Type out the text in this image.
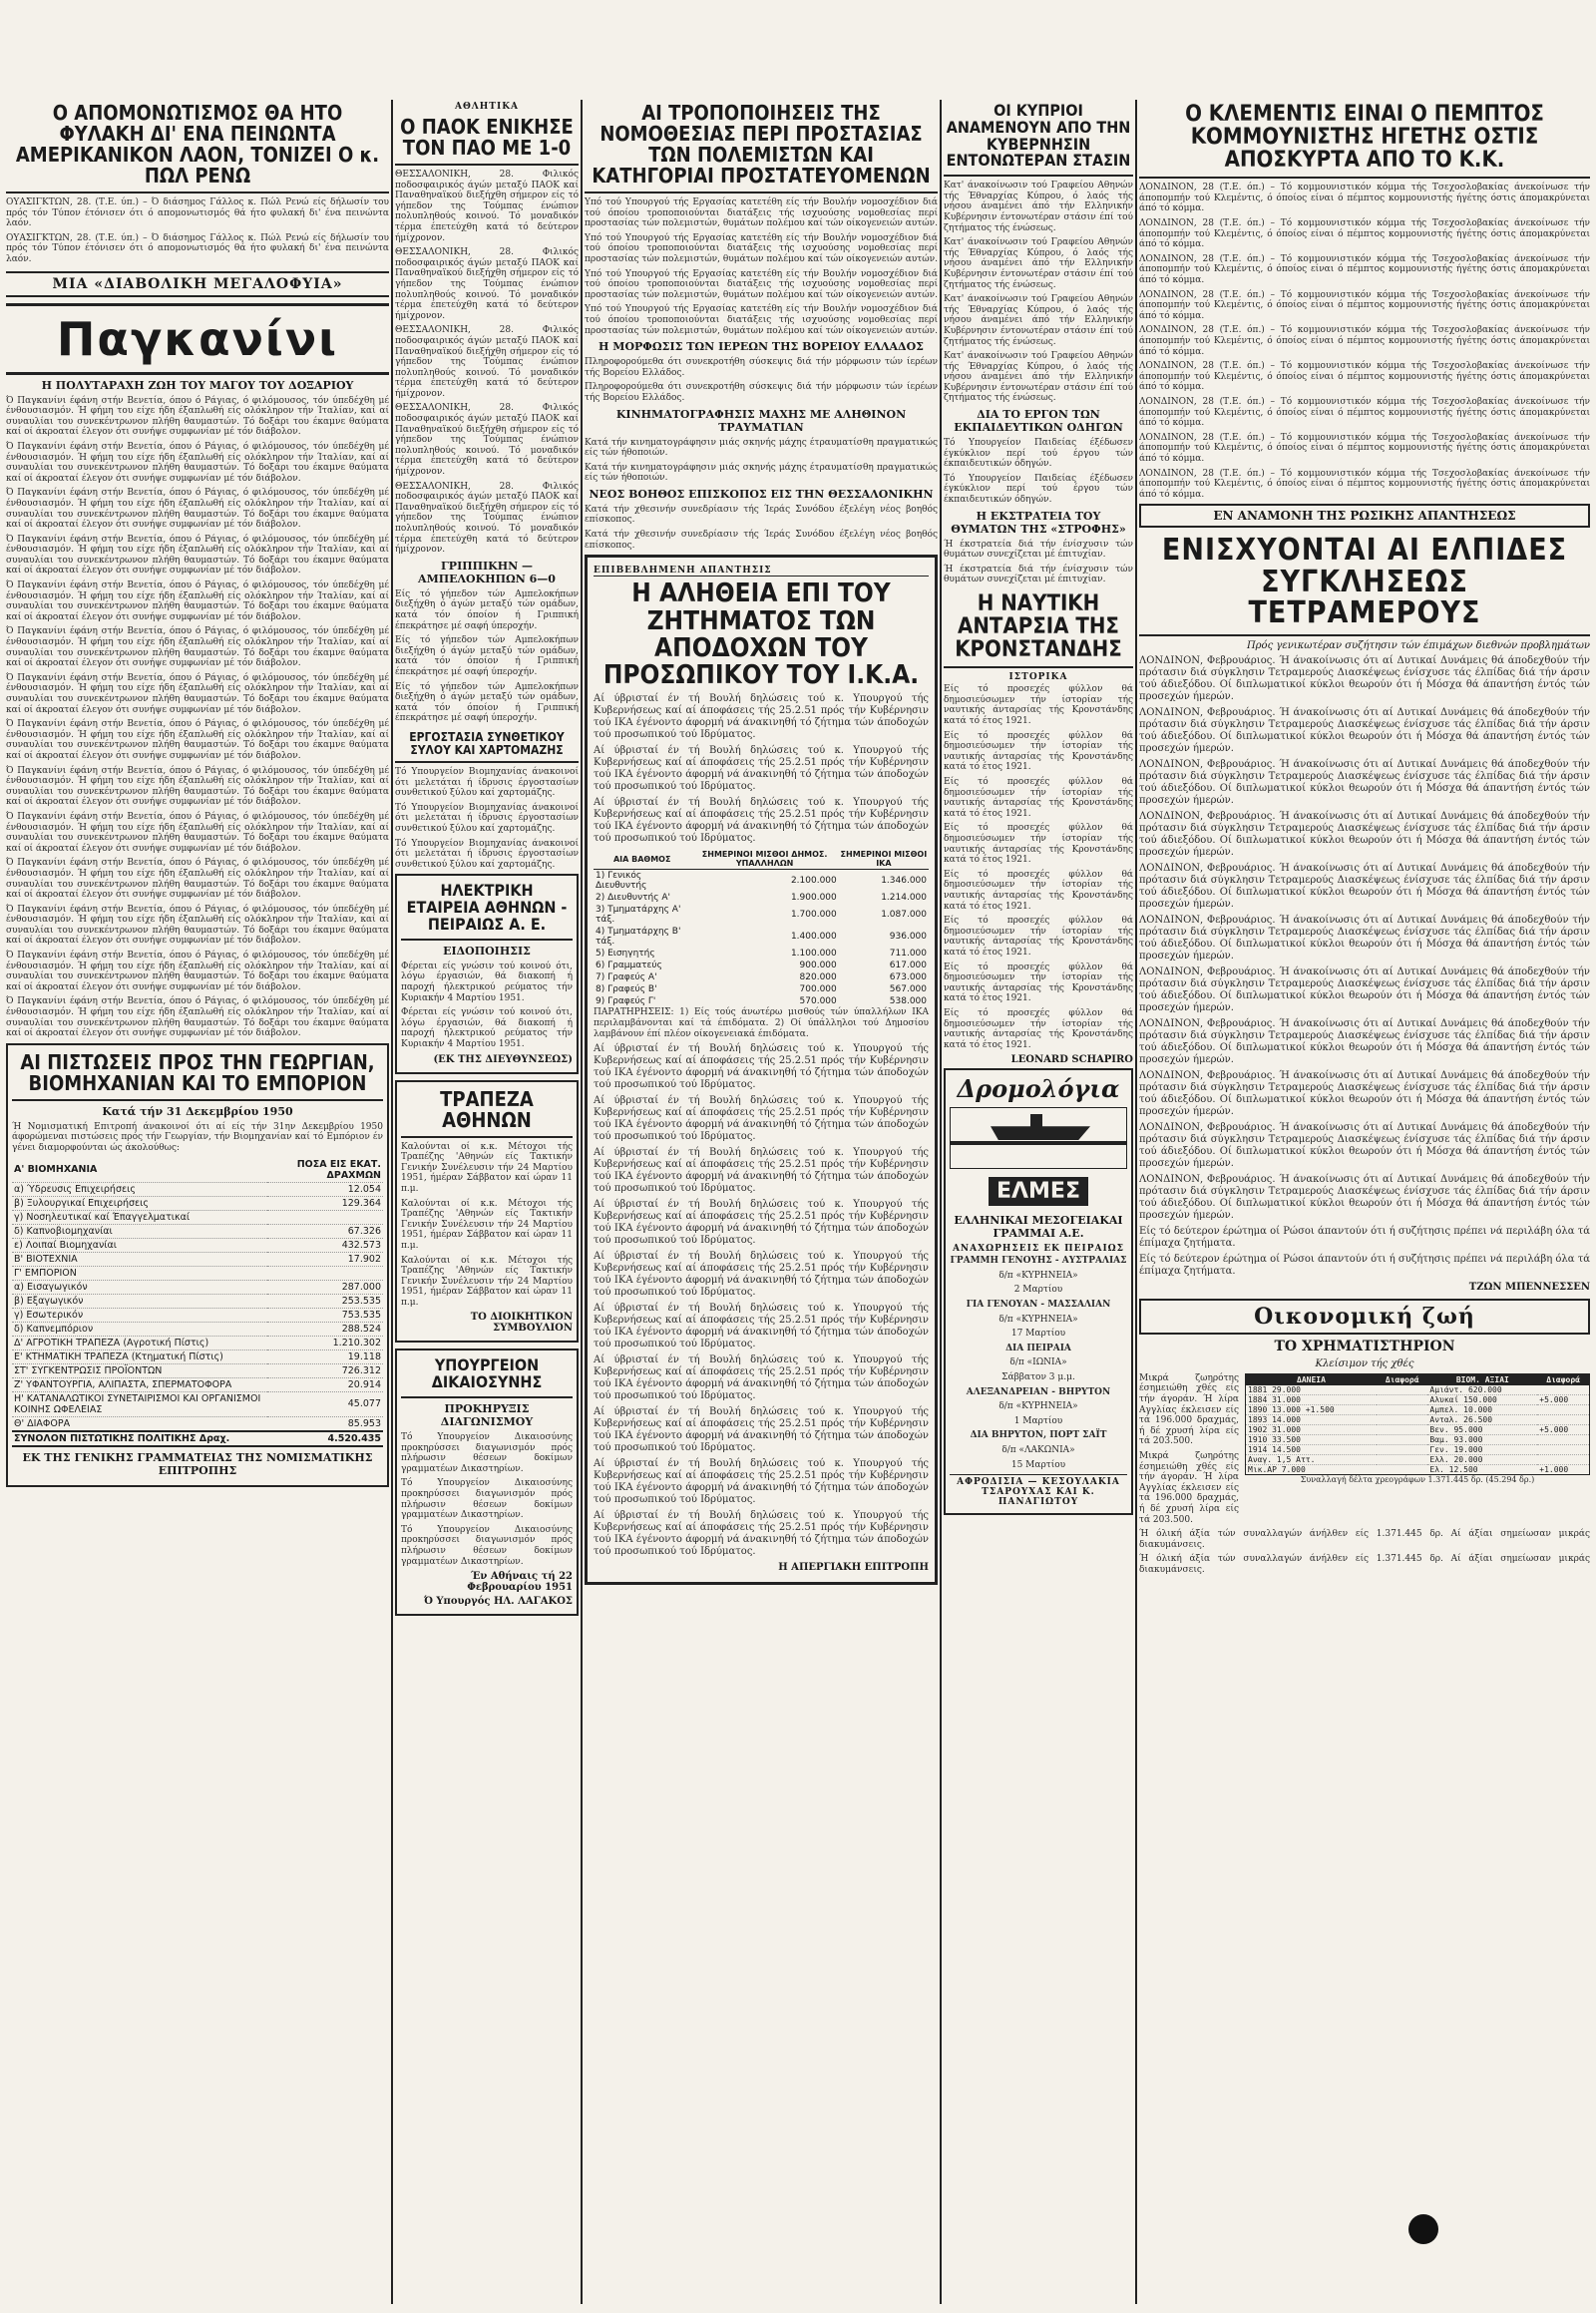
Ο ΑΠΟΜΟΝΩΤΙΣΜΟΣ ΘΑ ΗΤΟ ΦΥΛΑΚΗ ΔΙ' ΕΝΑ ΠΕΙΝΩΝΤΑ ΑΜΕΡΙΚΑΝΙΚΟΝ ΛΑΟΝ, ΤΟΝΙΖΕΙ Ο κ. ΠΩΛ ΡΕΝΩ

ΟΥΑΣΙΓΚΤΩΝ, 28. (Τ.Ε. ύπ.) – Ό διάσημος Γάλλος κ. Πώλ Ρενώ είς δήλωσίν του πρός τόν Τύπον έτόνισεν ότι ό απομονωτισμός θά ήτο φυλακή δι' ένα πεινώντα λαόν.

ΟΥΑΣΙΓΚΤΩΝ, 28. (Τ.Ε. ύπ.) – Ό διάσημος Γάλλος κ. Πώλ Ρενώ είς δήλωσίν του πρός τόν Τύπον έτόνισεν ότι ό απομονωτισμός θά ήτο φυλακή δι' ένα πεινώντα λαόν.

ΜΙΑ «ΔΙΑΒΟΛΙΚΗ ΜΕΓΑΛΟΦΥΙΑ»
Παγκανίνι
Η ΠΟΛΥΤΑΡΑΧΗ ΖΩΗ ΤΟΥ ΜΑΓΟΥ ΤΟΥ ΔΟΞΑΡΙΟΥ

Ό Παγκανίνι έφάνη στήν Βενετία, όπου ό Ράγιας, ό φιλόμουσος, τόν ύπεδέχθη μέ ένθουσιασμόν. Ή φήμη του είχε ήδη έξαπλωθή είς ολόκληρον τήν Ίταλίαν, καί αί συναυλίαι του συνεκέντρωνον πλήθη θαυμαστών. Τό δοξάρι του έκαμνε θαύματα καί οί άκροαταί έλεγον ότι συνήψε συμφωνίαν μέ τόν διάβολον.

Ό Παγκανίνι έφάνη στήν Βενετία, όπου ό Ράγιας, ό φιλόμουσος, τόν ύπεδέχθη μέ ένθουσιασμόν. Ή φήμη του είχε ήδη έξαπλωθή είς ολόκληρον τήν Ίταλίαν, καί αί συναυλίαι του συνεκέντρωνον πλήθη θαυμαστών. Τό δοξάρι του έκαμνε θαύματα καί οί άκροαταί έλεγον ότι συνήψε συμφωνίαν μέ τόν διάβολον.

Ό Παγκανίνι έφάνη στήν Βενετία, όπου ό Ράγιας, ό φιλόμουσος, τόν ύπεδέχθη μέ ένθουσιασμόν. Ή φήμη του είχε ήδη έξαπλωθή είς ολόκληρον τήν Ίταλίαν, καί αί συναυλίαι του συνεκέντρωνον πλήθη θαυμαστών. Τό δοξάρι του έκαμνε θαύματα καί οί άκροαταί έλεγον ότι συνήψε συμφωνίαν μέ τόν διάβολον.

Ό Παγκανίνι έφάνη στήν Βενετία, όπου ό Ράγιας, ό φιλόμουσος, τόν ύπεδέχθη μέ ένθουσιασμόν. Ή φήμη του είχε ήδη έξαπλωθή είς ολόκληρον τήν Ίταλίαν, καί αί συναυλίαι του συνεκέντρωνον πλήθη θαυμαστών. Τό δοξάρι του έκαμνε θαύματα καί οί άκροαταί έλεγον ότι συνήψε συμφωνίαν μέ τόν διάβολον.

Ό Παγκανίνι έφάνη στήν Βενετία, όπου ό Ράγιας, ό φιλόμουσος, τόν ύπεδέχθη μέ ένθουσιασμόν. Ή φήμη του είχε ήδη έξαπλωθή είς ολόκληρον τήν Ίταλίαν, καί αί συναυλίαι του συνεκέντρωνον πλήθη θαυμαστών. Τό δοξάρι του έκαμνε θαύματα καί οί άκροαταί έλεγον ότι συνήψε συμφωνίαν μέ τόν διάβολον.

Ό Παγκανίνι έφάνη στήν Βενετία, όπου ό Ράγιας, ό φιλόμουσος, τόν ύπεδέχθη μέ ένθουσιασμόν. Ή φήμη του είχε ήδη έξαπλωθή είς ολόκληρον τήν Ίταλίαν, καί αί συναυλίαι του συνεκέντρωνον πλήθη θαυμαστών. Τό δοξάρι του έκαμνε θαύματα καί οί άκροαταί έλεγον ότι συνήψε συμφωνίαν μέ τόν διάβολον.

Ό Παγκανίνι έφάνη στήν Βενετία, όπου ό Ράγιας, ό φιλόμουσος, τόν ύπεδέχθη μέ ένθουσιασμόν. Ή φήμη του είχε ήδη έξαπλωθή είς ολόκληρον τήν Ίταλίαν, καί αί συναυλίαι του συνεκέντρωνον πλήθη θαυμαστών. Τό δοξάρι του έκαμνε θαύματα καί οί άκροαταί έλεγον ότι συνήψε συμφωνίαν μέ τόν διάβολον.

Ό Παγκανίνι έφάνη στήν Βενετία, όπου ό Ράγιας, ό φιλόμουσος, τόν ύπεδέχθη μέ ένθουσιασμόν. Ή φήμη του είχε ήδη έξαπλωθή είς ολόκληρον τήν Ίταλίαν, καί αί συναυλίαι του συνεκέντρωνον πλήθη θαυμαστών. Τό δοξάρι του έκαμνε θαύματα καί οί άκροαταί έλεγον ότι συνήψε συμφωνίαν μέ τόν διάβολον.

Ό Παγκανίνι έφάνη στήν Βενετία, όπου ό Ράγιας, ό φιλόμουσος, τόν ύπεδέχθη μέ ένθουσιασμόν. Ή φήμη του είχε ήδη έξαπλωθή είς ολόκληρον τήν Ίταλίαν, καί αί συναυλίαι του συνεκέντρωνον πλήθη θαυμαστών. Τό δοξάρι του έκαμνε θαύματα καί οί άκροαταί έλεγον ότι συνήψε συμφωνίαν μέ τόν διάβολον.

Ό Παγκανίνι έφάνη στήν Βενετία, όπου ό Ράγιας, ό φιλόμουσος, τόν ύπεδέχθη μέ ένθουσιασμόν. Ή φήμη του είχε ήδη έξαπλωθή είς ολόκληρον τήν Ίταλίαν, καί αί συναυλίαι του συνεκέντρωνον πλήθη θαυμαστών. Τό δοξάρι του έκαμνε θαύματα καί οί άκροαταί έλεγον ότι συνήψε συμφωνίαν μέ τόν διάβολον.

Ό Παγκανίνι έφάνη στήν Βενετία, όπου ό Ράγιας, ό φιλόμουσος, τόν ύπεδέχθη μέ ένθουσιασμόν. Ή φήμη του είχε ήδη έξαπλωθή είς ολόκληρον τήν Ίταλίαν, καί αί συναυλίαι του συνεκέντρωνον πλήθη θαυμαστών. Τό δοξάρι του έκαμνε θαύματα καί οί άκροαταί έλεγον ότι συνήψε συμφωνίαν μέ τόν διάβολον.

Ό Παγκανίνι έφάνη στήν Βενετία, όπου ό Ράγιας, ό φιλόμουσος, τόν ύπεδέχθη μέ ένθουσιασμόν. Ή φήμη του είχε ήδη έξαπλωθή είς ολόκληρον τήν Ίταλίαν, καί αί συναυλίαι του συνεκέντρωνον πλήθη θαυμαστών. Τό δοξάρι του έκαμνε θαύματα καί οί άκροαταί έλεγον ότι συνήψε συμφωνίαν μέ τόν διάβολον.

Ό Παγκανίνι έφάνη στήν Βενετία, όπου ό Ράγιας, ό φιλόμουσος, τόν ύπεδέχθη μέ ένθουσιασμόν. Ή φήμη του είχε ήδη έξαπλωθή είς ολόκληρον τήν Ίταλίαν, καί αί συναυλίαι του συνεκέντρωνον πλήθη θαυμαστών. Τό δοξάρι του έκαμνε θαύματα καί οί άκροαταί έλεγον ότι συνήψε συμφωνίαν μέ τόν διάβολον.

Ό Παγκανίνι έφάνη στήν Βενετία, όπου ό Ράγιας, ό φιλόμουσος, τόν ύπεδέχθη μέ ένθουσιασμόν. Ή φήμη του είχε ήδη έξαπλωθή είς ολόκληρον τήν Ίταλίαν, καί αί συναυλίαι του συνεκέντρωνον πλήθη θαυμαστών. Τό δοξάρι του έκαμνε θαύματα καί οί άκροαταί έλεγον ότι συνήψε συμφωνίαν μέ τόν διάβολον.

ΑΙ ΠΙΣΤΩΣΕΙΣ ΠΡΟΣ ΤΗΝ ΓΕΩΡΓΙΑΝ, ΒΙΟΜΗΧΑΝΙΑΝ ΚΑΙ ΤΟ ΕΜΠΟΡΙΟΝ
Κατά τήν 31 Δεκεμβρίου 1950

Ή Νομισματική Επιτροπή άνακοινοί ότι αί είς τήν 31ην Δεκεμβρίου 1950 άφορώμεναι πιστώσεις πρός τήν Γεωργίαν, τήν Βιομηχανίαν καί τό Εμπόριον έν γένει διαμορφούνται ώς άκολούθως:

Α' ΒΙΟΜΗΧΑΝΙΑ	ΠΟΣΑ ΕΙΣ ΕΚΑΤ. ΔΡΑΧΜΩΝ
α) Ύδρευσις Επιχειρήσεις	12.054
β) Ξυλουργικαί Επιχειρήσεις	129.364
γ) Νοσηλευτικαί καί Έπαγγελματικαί	
δ) Καπνοβιομηχανίαι	67.326
ε) Λοιπαί Βιομηχανίαι	432.573
Β' ΒΙΟΤΕΧΝΙΑ	17.902
Γ' ΕΜΠΟΡΙΟΝ	
α) Εισαγωγικόν	287.000
β) Εξαγωγικόν	253.535
γ) Εσωτερικόν	753.535
δ) Καπνεμπόριον	288.524
Δ' ΑΓΡΟΤΙΚΗ ΤΡΑΠΕΖΑ (Αγροτική Πίστις)	1.210.302
Ε' ΚΤΗΜΑΤΙΚΗ ΤΡΑΠΕΖΑ (Κτηματική Πίστις)	19.118
ΣΤ' ΣΥΓΚΕΝΤΡΩΣΙΣ ΠΡΟΪΟΝΤΩΝ	726.312
Ζ' ΥΦΑΝΤΟΥΡΓΙΑ, ΑΛΙΠΑΣΤΑ, ΣΠΕΡΜΑΤΟΦΟΡΑ	20.914
Η' ΚΑΤΑΝΑΛΩΤΙΚΟΙ ΣΥΝΕΤΑΙΡΙΣΜΟΙ ΚΑΙ ΟΡΓΑΝΙΣΜΟΙ ΚΟΙΝΗΣ ΩΦΕΛΕΙΑΣ	45.077
Θ' ΔΙΑΦΟΡΑ	85.953
ΣΥΝΟΛΟΝ ΠΙΣΤΩΤΙΚΗΣ ΠΟΛΙΤΙΚΗΣ Δραχ.	4.520.435
ΕΚ ΤΗΣ ΓΕΝΙΚΗΣ ΓΡΑΜΜΑΤΕΙΑΣ ΤΗΣ ΝΟΜΙΣΜΑΤΙΚΗΣ ΕΠΙΤΡΟΠΗΣ
ΑΘΛΗΤΙΚΑ
Ο ΠΑΟΚ ΕΝΙΚΗΣΕ ΤΟΝ ΠΑΟ ΜΕ 1-0

ΘΕΣΣΑΛΟΝΙΚΗ, 28. Φιλικός ποδοσφαιρικός άγών μεταξύ ΠΑΟΚ καί Παναθηναϊκού διεξήχθη σήμερον είς τό γήπεδον της Τούμπας ένώπιον πολυπληθούς κοινού. Τό μοναδικόν τέρμα έπετεύχθη κατά τό δεύτερον ήμίχρονον.

ΘΕΣΣΑΛΟΝΙΚΗ, 28. Φιλικός ποδοσφαιρικός άγών μεταξύ ΠΑΟΚ καί Παναθηναϊκού διεξήχθη σήμερον είς τό γήπεδον της Τούμπας ένώπιον πολυπληθούς κοινού. Τό μοναδικόν τέρμα έπετεύχθη κατά τό δεύτερον ήμίχρονον.

ΘΕΣΣΑΛΟΝΙΚΗ, 28. Φιλικός ποδοσφαιρικός άγών μεταξύ ΠΑΟΚ καί Παναθηναϊκού διεξήχθη σήμερον είς τό γήπεδον της Τούμπας ένώπιον πολυπληθούς κοινού. Τό μοναδικόν τέρμα έπετεύχθη κατά τό δεύτερον ήμίχρονον.

ΘΕΣΣΑΛΟΝΙΚΗ, 28. Φιλικός ποδοσφαιρικός άγών μεταξύ ΠΑΟΚ καί Παναθηναϊκού διεξήχθη σήμερον είς τό γήπεδον της Τούμπας ένώπιον πολυπληθούς κοινού. Τό μοναδικόν τέρμα έπετεύχθη κατά τό δεύτερον ήμίχρονον.

ΘΕΣΣΑΛΟΝΙΚΗ, 28. Φιλικός ποδοσφαιρικός άγών μεταξύ ΠΑΟΚ καί Παναθηναϊκού διεξήχθη σήμερον είς τό γήπεδον της Τούμπας ένώπιον πολυπληθούς κοινού. Τό μοναδικόν τέρμα έπετεύχθη κατά τό δεύτερον ήμίχρονον.

ΓΡΙΠΠΙΚΗΝ — ΑΜΠΕΛΟΚΗΠΩΝ 6—0

Είς τό γήπεδον τών Αμπελοκήπων διεξήχθη ό άγών μεταξύ τών ομάδων, κατά τόν όποίον ή Γριππική έπεκράτησε μέ σαφή ύπεροχήν.

Είς τό γήπεδον τών Αμπελοκήπων διεξήχθη ό άγών μεταξύ τών ομάδων, κατά τόν όποίον ή Γριππική έπεκράτησε μέ σαφή ύπεροχήν.

Είς τό γήπεδον τών Αμπελοκήπων διεξήχθη ό άγών μεταξύ τών ομάδων, κατά τόν όποίον ή Γριππική έπεκράτησε μέ σαφή ύπεροχήν.

ΕΡΓΟΣΤΑΣΙΑ ΣΥΝΘΕΤΙΚΟΥ ΣΥΛΟΥ ΚΑΙ ΧΑΡΤΟΜΑΖΗΣ

Τό Υπουργείον Βιομηχανίας άνακοινοί ότι μελετάται ή ίδρυσις έργοστασίων συνθετικού ξύλου καί χαρτομάζης.

Τό Υπουργείον Βιομηχανίας άνακοινοί ότι μελετάται ή ίδρυσις έργοστασίων συνθετικού ξύλου καί χαρτομάζης.

Τό Υπουργείον Βιομηχανίας άνακοινοί ότι μελετάται ή ίδρυσις έργοστασίων συνθετικού ξύλου καί χαρτομάζης.

ΗΛΕΚΤΡΙΚΗ ΕΤΑΙΡΕΙΑ ΑΘΗΝΩΝ - ΠΕΙΡΑΙΩΣ Α. Ε.
ΕΙΔΟΠΟΙΗΣΙΣ

Φέρεται είς γνώσιν τού κοινού ότι, λόγω έργασιών, θά διακοπή ή παροχή ήλεκτρικού ρεύματος τήν Κυριακήν 4 Μαρτίου 1951.

Φέρεται είς γνώσιν τού κοινού ότι, λόγω έργασιών, θά διακοπή ή παροχή ήλεκτρικού ρεύματος τήν Κυριακήν 4 Μαρτίου 1951.

(ΕΚ ΤΗΣ ΔΙΕΥΘΥΝΣΕΩΣ)
ΤΡΑΠΕΖΑ ΑΘΗΝΩΝ

Καλούνται οί κ.κ. Μέτοχοι τής Τραπέζης 'Αθηνών είς Τακτικήν Γενικήν Συνέλευσιν τήν 24 Μαρτίου 1951, ήμέραν Σάββατον καί ώραν 11 π.μ.

Καλούνται οί κ.κ. Μέτοχοι τής Τραπέζης 'Αθηνών είς Τακτικήν Γενικήν Συνέλευσιν τήν 24 Μαρτίου 1951, ήμέραν Σάββατον καί ώραν 11 π.μ.

Καλούνται οί κ.κ. Μέτοχοι τής Τραπέζης 'Αθηνών είς Τακτικήν Γενικήν Συνέλευσιν τήν 24 Μαρτίου 1951, ήμέραν Σάββατον καί ώραν 11 π.μ.

ΤΟ ΔΙΟΙΚΗΤΙΚΟΝ ΣΥΜΒΟΥΛΙΟΝ
ΥΠΟΥΡΓΕΙΟΝ ΔΙΚΑΙΟΣΥΝΗΣ
ΠΡΟΚΗΡΥΞΙΣ ΔΙΑΓΩΝΙΣΜΟΥ

Τό Υπουργείον Δικαιοσύνης προκηρύσσει διαγωνισμόν πρός πλήρωσιν θέσεων δοκίμων γραμματέων Δικαστηρίων.

Τό Υπουργείον Δικαιοσύνης προκηρύσσει διαγωνισμόν πρός πλήρωσιν θέσεων δοκίμων γραμματέων Δικαστηρίων.

Τό Υπουργείον Δικαιοσύνης προκηρύσσει διαγωνισμόν πρός πλήρωσιν θέσεων δοκίμων γραμματέων Δικαστηρίων.

Έν Αθήναις τή 22 Φεβρουαρίου 1951
Ό Υπουργός ΗΛ. ΛΑΓΑΚΟΣ
ΑΙ ΤΡΟΠΟΠΟΙΗΣΕΙΣ ΤΗΣ ΝΟΜΟΘΕΣΙΑΣ ΠΕΡΙ ΠΡΟΣΤΑΣΙΑΣ ΤΩΝ ΠΟΛΕΜΙΣΤΩΝ ΚΑΙ ΚΑΤΗΓΟΡΙΑΙ ΠΡΟΣΤΑΤΕΥΟΜΕΝΩΝ

Υπό τού Υπουργού τής Εργασίας κατετέθη είς τήν Βουλήν νομοσχέδιον διά τού όποίου τροποποιούνται διατάξεις τής ισχυούσης νομοθεσίας περί προστασίας τών πολεμιστών, θυμάτων πολέμου καί τών οίκογενειών αυτών.

Υπό τού Υπουργού τής Εργασίας κατετέθη είς τήν Βουλήν νομοσχέδιον διά τού όποίου τροποποιούνται διατάξεις τής ισχυούσης νομοθεσίας περί προστασίας τών πολεμιστών, θυμάτων πολέμου καί τών οίκογενειών αυτών.

Υπό τού Υπουργού τής Εργασίας κατετέθη είς τήν Βουλήν νομοσχέδιον διά τού όποίου τροποποιούνται διατάξεις τής ισχυούσης νομοθεσίας περί προστασίας τών πολεμιστών, θυμάτων πολέμου καί τών οίκογενειών αυτών.

Υπό τού Υπουργού τής Εργασίας κατετέθη είς τήν Βουλήν νομοσχέδιον διά τού όποίου τροποποιούνται διατάξεις τής ισχυούσης νομοθεσίας περί προστασίας τών πολεμιστών, θυμάτων πολέμου καί τών οίκογενειών αυτών.

Η ΜΟΡΦΩΣΙΣ ΤΩΝ ΙΕΡΕΩΝ ΤΗΣ ΒΟΡΕΙΟΥ ΕΛΛΑΔΟΣ

Πληροφορούμεθα ότι συνεκροτήθη σύσκεψις διά τήν μόρφωσιν τών ίερέων τής Βορείου Ελλάδος.

Πληροφορούμεθα ότι συνεκροτήθη σύσκεψις διά τήν μόρφωσιν τών ίερέων τής Βορείου Ελλάδος.

ΚΙΝΗΜΑΤΟΓΡΑΦΗΣΙΣ ΜΑΧΗΣ ΜΕ ΑΛΗΘΙΝΟΝ ΤΡΑΥΜΑΤΙΑΝ

Κατά τήν κινηματογράφησιν μιάς σκηνής μάχης έτραυματίσθη πραγματικώς είς τών ήθοποιών.

Κατά τήν κινηματογράφησιν μιάς σκηνής μάχης έτραυματίσθη πραγματικώς είς τών ήθοποιών.

ΝΕΟΣ ΒΟΗΘΟΣ ΕΠΙΣΚΟΠΟΣ ΕΙΣ ΤΗΝ ΘΕΣΣΑΛΟΝΙΚΗΝ

Κατά τήν χθεσινήν συνεδρίασιν τής Ίεράς Συνόδου έξελέγη νέος βοηθός επίσκοπος.

Κατά τήν χθεσινήν συνεδρίασιν τής Ίεράς Συνόδου έξελέγη νέος βοηθός επίσκοπος.

ΕΠΙΒΕΒΛΗΜΕΝΗ ΑΠΑΝΤΗΣΙΣ
Η ΑΛΗΘΕΙΑ ΕΠΙ ΤΟΥ ΖΗΤΗΜΑΤΟΣ ΤΩΝ ΑΠΟΔΟΧΩΝ ΤΟΥ ΠΡΟΣΩΠΙΚΟΥ ΤΟΥ Ι.Κ.Α.

Αί ύβρισταί έν τή Βουλή δηλώσεις τού κ. Υπουργού τής Κυβερνήσεως καί αί άποφάσεις τής 25.2.51 πρός τήν Κυβέρνησιν τού ΙΚΑ έγένοντο άφορμή νά άνακινηθή τό ζήτημα τών άποδοχών τού προσωπικού τού Ιδρύματος.

Αί ύβρισταί έν τή Βουλή δηλώσεις τού κ. Υπουργού τής Κυβερνήσεως καί αί άποφάσεις τής 25.2.51 πρός τήν Κυβέρνησιν τού ΙΚΑ έγένοντο άφορμή νά άνακινηθή τό ζήτημα τών άποδοχών τού προσωπικού τού Ιδρύματος.

Αί ύβρισταί έν τή Βουλή δηλώσεις τού κ. Υπουργού τής Κυβερνήσεως καί αί άποφάσεις τής 25.2.51 πρός τήν Κυβέρνησιν τού ΙΚΑ έγένοντο άφορμή νά άνακινηθή τό ζήτημα τών άποδοχών τού προσωπικού τού Ιδρύματος.

ΑΙΑ ΒΑΘΜΟΣ	ΣΗΜΕΡΙΝΟΙ ΜΙΣΘΟΙ ΔΗΜΟΣ. ΥΠΑΛΛΗΛΩΝ	ΣΗΜΕΡΙΝΟΙ ΜΙΣΘΟΙ ΙΚΑ
1) Γενικός Διευθυντής	2.100.000	1.346.000
2) Διευθυντής Α'	1.900.000	1.214.000
3) Τμηματάρχης Α' τάξ.	1.700.000	1.087.000
4) Τμηματάρχης Β' τάξ.	1.400.000	936.000
5) Εισηγητής	1.100.000	711.000
6) Γραμματεύς	900.000	617.000
7) Γραφεύς Α'	820.000	673.000
8) Γραφεύς Β'	700.000	567.000
9) Γραφεύς Γ'	570.000	538.000

ΠΑΡΑΤΗΡΗΣΕΙΣ: 1) Είς τούς άνωτέρω μισθούς τών ύπαλλήλων ΙΚΑ περιλαμβάνονται καί τά έπιδόματα. 2) Οί ύπάλληλοι τού Δημοσίου λαμβάνουν έπί πλέον οίκογενειακά έπιδόματα.

Αί ύβρισταί έν τή Βουλή δηλώσεις τού κ. Υπουργού τής Κυβερνήσεως καί αί άποφάσεις τής 25.2.51 πρός τήν Κυβέρνησιν τού ΙΚΑ έγένοντο άφορμή νά άνακινηθή τό ζήτημα τών άποδοχών τού προσωπικού τού Ιδρύματος.

Αί ύβρισταί έν τή Βουλή δηλώσεις τού κ. Υπουργού τής Κυβερνήσεως καί αί άποφάσεις τής 25.2.51 πρός τήν Κυβέρνησιν τού ΙΚΑ έγένοντο άφορμή νά άνακινηθή τό ζήτημα τών άποδοχών τού προσωπικού τού Ιδρύματος.

Αί ύβρισταί έν τή Βουλή δηλώσεις τού κ. Υπουργού τής Κυβερνήσεως καί αί άποφάσεις τής 25.2.51 πρός τήν Κυβέρνησιν τού ΙΚΑ έγένοντο άφορμή νά άνακινηθή τό ζήτημα τών άποδοχών τού προσωπικού τού Ιδρύματος.

Αί ύβρισταί έν τή Βουλή δηλώσεις τού κ. Υπουργού τής Κυβερνήσεως καί αί άποφάσεις τής 25.2.51 πρός τήν Κυβέρνησιν τού ΙΚΑ έγένοντο άφορμή νά άνακινηθή τό ζήτημα τών άποδοχών τού προσωπικού τού Ιδρύματος.

Αί ύβρισταί έν τή Βουλή δηλώσεις τού κ. Υπουργού τής Κυβερνήσεως καί αί άποφάσεις τής 25.2.51 πρός τήν Κυβέρνησιν τού ΙΚΑ έγένοντο άφορμή νά άνακινηθή τό ζήτημα τών άποδοχών τού προσωπικού τού Ιδρύματος.

Αί ύβρισταί έν τή Βουλή δηλώσεις τού κ. Υπουργού τής Κυβερνήσεως καί αί άποφάσεις τής 25.2.51 πρός τήν Κυβέρνησιν τού ΙΚΑ έγένοντο άφορμή νά άνακινηθή τό ζήτημα τών άποδοχών τού προσωπικού τού Ιδρύματος.

Αί ύβρισταί έν τή Βουλή δηλώσεις τού κ. Υπουργού τής Κυβερνήσεως καί αί άποφάσεις τής 25.2.51 πρός τήν Κυβέρνησιν τού ΙΚΑ έγένοντο άφορμή νά άνακινηθή τό ζήτημα τών άποδοχών τού προσωπικού τού Ιδρύματος.

Αί ύβρισταί έν τή Βουλή δηλώσεις τού κ. Υπουργού τής Κυβερνήσεως καί αί άποφάσεις τής 25.2.51 πρός τήν Κυβέρνησιν τού ΙΚΑ έγένοντο άφορμή νά άνακινηθή τό ζήτημα τών άποδοχών τού προσωπικού τού Ιδρύματος.

Αί ύβρισταί έν τή Βουλή δηλώσεις τού κ. Υπουργού τής Κυβερνήσεως καί αί άποφάσεις τής 25.2.51 πρός τήν Κυβέρνησιν τού ΙΚΑ έγένοντο άφορμή νά άνακινηθή τό ζήτημα τών άποδοχών τού προσωπικού τού Ιδρύματος.

Αί ύβρισταί έν τή Βουλή δηλώσεις τού κ. Υπουργού τής Κυβερνήσεως καί αί άποφάσεις τής 25.2.51 πρός τήν Κυβέρνησιν τού ΙΚΑ έγένοντο άφορμή νά άνακινηθή τό ζήτημα τών άποδοχών τού προσωπικού τού Ιδρύματος.

Η ΑΠΕΡΓΙΑΚΗ ΕΠΙΤΡΟΠΗ
ΟΙ ΚΥΠΡΙΟΙ ΑΝΑΜΕΝΟΥΝ ΑΠΟ ΤΗΝ ΚΥΒΕΡΝΗΣΙΝ ΕΝΤΟΝΩΤΕΡΑΝ ΣΤΑΣΙΝ

Κατ' άνακοίνωσιν τού Γραφείου Αθηνών τής Έθναρχίας Κύπρου, ό λαός τής νήσου άναμένει άπό τήν Ελληνικήν Κυβέρνησιν έντονωτέραν στάσιν έπί τού ζητήματος τής ένώσεως.

Κατ' άνακοίνωσιν τού Γραφείου Αθηνών τής Έθναρχίας Κύπρου, ό λαός τής νήσου άναμένει άπό τήν Ελληνικήν Κυβέρνησιν έντονωτέραν στάσιν έπί τού ζητήματος τής ένώσεως.

Κατ' άνακοίνωσιν τού Γραφείου Αθηνών τής Έθναρχίας Κύπρου, ό λαός τής νήσου άναμένει άπό τήν Ελληνικήν Κυβέρνησιν έντονωτέραν στάσιν έπί τού ζητήματος τής ένώσεως.

Κατ' άνακοίνωσιν τού Γραφείου Αθηνών τής Έθναρχίας Κύπρου, ό λαός τής νήσου άναμένει άπό τήν Ελληνικήν Κυβέρνησιν έντονωτέραν στάσιν έπί τού ζητήματος τής ένώσεως.

ΔΙΑ ΤΟ ΕΡΓΟΝ ΤΩΝ ΕΚΠΑΙΔΕΥΤΙΚΩΝ ΟΔΗΓΩΝ

Τό Υπουργείον Παιδείας έξέδωσεν έγκύκλιον περί τού έργου τών έκπαιδευτικών όδηγών.

Τό Υπουργείον Παιδείας έξέδωσεν έγκύκλιον περί τού έργου τών έκπαιδευτικών όδηγών.

Η ΕΚΣΤΡΑΤΕΙΑ ΤΟΥ ΘΥΜΑΤΩΝ ΤΗΣ «ΣΤΡΟΦΗΣ»

Ή έκστρατεία διά τήν ένίσχυσιν τών θυμάτων συνεχίζεται μέ έπιτυχίαν.

Ή έκστρατεία διά τήν ένίσχυσιν τών θυμάτων συνεχίζεται μέ έπιτυχίαν.

Η ΝΑΥΤΙΚΗ ΑΝΤΑΡΣΙΑ ΤΗΣ ΚΡΟΝΣΤΑΝΔΗΣ
ΙΣΤΟΡΙΚΑ

Είς τό προσεχές φύλλον θά δημοσιεύσωμεν τήν ίστορίαν τής ναυτικής άνταρσίας τής Κρονστάνδης κατά τό έτος 1921.

Είς τό προσεχές φύλλον θά δημοσιεύσωμεν τήν ίστορίαν τής ναυτικής άνταρσίας τής Κρονστάνδης κατά τό έτος 1921.

Είς τό προσεχές φύλλον θά δημοσιεύσωμεν τήν ίστορίαν τής ναυτικής άνταρσίας τής Κρονστάνδης κατά τό έτος 1921.

Είς τό προσεχές φύλλον θά δημοσιεύσωμεν τήν ίστορίαν τής ναυτικής άνταρσίας τής Κρονστάνδης κατά τό έτος 1921.

Είς τό προσεχές φύλλον θά δημοσιεύσωμεν τήν ίστορίαν τής ναυτικής άνταρσίας τής Κρονστάνδης κατά τό έτος 1921.

Είς τό προσεχές φύλλον θά δημοσιεύσωμεν τήν ίστορίαν τής ναυτικής άνταρσίας τής Κρονστάνδης κατά τό έτος 1921.

Είς τό προσεχές φύλλον θά δημοσιεύσωμεν τήν ίστορίαν τής ναυτικής άνταρσίας τής Κρονστάνδης κατά τό έτος 1921.

Είς τό προσεχές φύλλον θά δημοσιεύσωμεν τήν ίστορίαν τής ναυτικής άνταρσίας τής Κρονστάνδης κατά τό έτος 1921.

LEONARD SCHAPIRO
Δρομολόγια
ΕΛΜΕΣ
ΕΛΛΗΝΙΚΑΙ ΜΕΣΟΓΕΙΑΚΑΙ ΓΡΑΜΜΑΙ Α.Ε.
ΑΝΑΧΩΡΗΣΕΙΣ ΕΚ ΠΕΙΡΑΙΩΣ
ΓΡΑΜΜΗ ΓΕΝΟΥΗΣ - ΑΥΣΤΡΑΛΙΑΣ
δ/π «ΚΥΡΗΝΕΙΑ»
2 Μαρτίου
ΓΙΑ ΓΕΝΟΥΑΝ - ΜΑΣΣΑΛΙΑΝ
δ/π «ΚΥΡΗΝΕΙΑ»
17 Μαρτίου
ΔΙΑ ΠΕΙΡΑΙΑ
δ/π «ΙΩΝΙΑ»
Σάββατον 3 μ.μ.
ΑΛΕΞΑΝΔΡΕΙΑΝ - ΒΗΡΥΤΟΝ
δ/π «ΚΥΡΗΝΕΙΑ»
1 Μαρτίου
ΔΙΑ ΒΗΡΥΤΟΝ, ΠΟΡΤ ΣΑΪΤ
δ/π «ΛΑΚΩΝΙΑ»
15 Μαρτίου
ΑΦΡΟΔΙΣΙΑ — ΚΕΣΟΥΛΑΚΙΑ ΤΣΑΡΟΥΧΑΣ ΚΑΙ Κ. ΠΑΝΑΓΙΩΤΟΥ
Ο ΚΛΕΜΕΝΤΙΣ ΕΙΝΑΙ Ο ΠΕΜΠΤΟΣ ΚΟΜΜΟΥΝΙΣΤΗΣ ΗΓΕΤΗΣ ΟΣΤΙΣ ΑΠΟΣΚΥΡΤΑ ΑΠΟ ΤΟ Κ.Κ.

ΛΟΝΔΙΝΟΝ, 28 (Τ.Ε. όπ.) – Τό κομμουνιστικόν κόμμα τής Τσεχοσλοβακίας άνεκοίνωσε τήν άποπομπήν τού Κλεμέντις, ό όποίος είναι ό πέμπτος κομμουνιστής ήγέτης όστις άπομακρύνεται άπό τό κόμμα.

ΛΟΝΔΙΝΟΝ, 28 (Τ.Ε. όπ.) – Τό κομμουνιστικόν κόμμα τής Τσεχοσλοβακίας άνεκοίνωσε τήν άποπομπήν τού Κλεμέντις, ό όποίος είναι ό πέμπτος κομμουνιστής ήγέτης όστις άπομακρύνεται άπό τό κόμμα.

ΛΟΝΔΙΝΟΝ, 28 (Τ.Ε. όπ.) – Τό κομμουνιστικόν κόμμα τής Τσεχοσλοβακίας άνεκοίνωσε τήν άποπομπήν τού Κλεμέντις, ό όποίος είναι ό πέμπτος κομμουνιστής ήγέτης όστις άπομακρύνεται άπό τό κόμμα.

ΛΟΝΔΙΝΟΝ, 28 (Τ.Ε. όπ.) – Τό κομμουνιστικόν κόμμα τής Τσεχοσλοβακίας άνεκοίνωσε τήν άποπομπήν τού Κλεμέντις, ό όποίος είναι ό πέμπτος κομμουνιστής ήγέτης όστις άπομακρύνεται άπό τό κόμμα.

ΛΟΝΔΙΝΟΝ, 28 (Τ.Ε. όπ.) – Τό κομμουνιστικόν κόμμα τής Τσεχοσλοβακίας άνεκοίνωσε τήν άποπομπήν τού Κλεμέντις, ό όποίος είναι ό πέμπτος κομμουνιστής ήγέτης όστις άπομακρύνεται άπό τό κόμμα.

ΛΟΝΔΙΝΟΝ, 28 (Τ.Ε. όπ.) – Τό κομμουνιστικόν κόμμα τής Τσεχοσλοβακίας άνεκοίνωσε τήν άποπομπήν τού Κλεμέντις, ό όποίος είναι ό πέμπτος κομμουνιστής ήγέτης όστις άπομακρύνεται άπό τό κόμμα.

ΛΟΝΔΙΝΟΝ, 28 (Τ.Ε. όπ.) – Τό κομμουνιστικόν κόμμα τής Τσεχοσλοβακίας άνεκοίνωσε τήν άποπομπήν τού Κλεμέντις, ό όποίος είναι ό πέμπτος κομμουνιστής ήγέτης όστις άπομακρύνεται άπό τό κόμμα.

ΛΟΝΔΙΝΟΝ, 28 (Τ.Ε. όπ.) – Τό κομμουνιστικόν κόμμα τής Τσεχοσλοβακίας άνεκοίνωσε τήν άποπομπήν τού Κλεμέντις, ό όποίος είναι ό πέμπτος κομμουνιστής ήγέτης όστις άπομακρύνεται άπό τό κόμμα.

ΛΟΝΔΙΝΟΝ, 28 (Τ.Ε. όπ.) – Τό κομμουνιστικόν κόμμα τής Τσεχοσλοβακίας άνεκοίνωσε τήν άποπομπήν τού Κλεμέντις, ό όποίος είναι ό πέμπτος κομμουνιστής ήγέτης όστις άπομακρύνεται άπό τό κόμμα.

ΕΝ ΑΝΑΜΟΝΗ ΤΗΣ ΡΩΣΙΚΗΣ ΑΠΑΝΤΗΣΕΩΣ
ΕΝΙΣΧΥΟΝΤΑΙ ΑΙ ΕΛΠΙΔΕΣ ΣΥΓΚΛΗΣΕΩΣ ΤΕΤΡΑΜΕΡΟΥΣ
Πρός γενικωτέραν συζήτησιν τών έπιμάχων διεθνών προβλημάτων

ΛΟΝΔΙΝΟΝ, Φεβρουάριος. Ή άνακοίνωσις ότι αί Δυτικαί Δυνάμεις θά άποδεχθούν τήν πρότασιν διά σύγκλησιν Τετραμερούς Διασκέψεως ένίσχυσε τάς έλπίδας διά τήν άρσιν τού άδιεξόδου. Οί διπλωματικοί κύκλοι θεωρούν ότι ή Μόσχα θά άπαντήση έντός τών προσεχών ήμερών.

ΛΟΝΔΙΝΟΝ, Φεβρουάριος. Ή άνακοίνωσις ότι αί Δυτικαί Δυνάμεις θά άποδεχθούν τήν πρότασιν διά σύγκλησιν Τετραμερούς Διασκέψεως ένίσχυσε τάς έλπίδας διά τήν άρσιν τού άδιεξόδου. Οί διπλωματικοί κύκλοι θεωρούν ότι ή Μόσχα θά άπαντήση έντός τών προσεχών ήμερών.

ΛΟΝΔΙΝΟΝ, Φεβρουάριος. Ή άνακοίνωσις ότι αί Δυτικαί Δυνάμεις θά άποδεχθούν τήν πρότασιν διά σύγκλησιν Τετραμερούς Διασκέψεως ένίσχυσε τάς έλπίδας διά τήν άρσιν τού άδιεξόδου. Οί διπλωματικοί κύκλοι θεωρούν ότι ή Μόσχα θά άπαντήση έντός τών προσεχών ήμερών.

ΛΟΝΔΙΝΟΝ, Φεβρουάριος. Ή άνακοίνωσις ότι αί Δυτικαί Δυνάμεις θά άποδεχθούν τήν πρότασιν διά σύγκλησιν Τετραμερούς Διασκέψεως ένίσχυσε τάς έλπίδας διά τήν άρσιν τού άδιεξόδου. Οί διπλωματικοί κύκλοι θεωρούν ότι ή Μόσχα θά άπαντήση έντός τών προσεχών ήμερών.

ΛΟΝΔΙΝΟΝ, Φεβρουάριος. Ή άνακοίνωσις ότι αί Δυτικαί Δυνάμεις θά άποδεχθούν τήν πρότασιν διά σύγκλησιν Τετραμερούς Διασκέψεως ένίσχυσε τάς έλπίδας διά τήν άρσιν τού άδιεξόδου. Οί διπλωματικοί κύκλοι θεωρούν ότι ή Μόσχα θά άπαντήση έντός τών προσεχών ήμερών.

ΛΟΝΔΙΝΟΝ, Φεβρουάριος. Ή άνακοίνωσις ότι αί Δυτικαί Δυνάμεις θά άποδεχθούν τήν πρότασιν διά σύγκλησιν Τετραμερούς Διασκέψεως ένίσχυσε τάς έλπίδας διά τήν άρσιν τού άδιεξόδου. Οί διπλωματικοί κύκλοι θεωρούν ότι ή Μόσχα θά άπαντήση έντός τών προσεχών ήμερών.

ΛΟΝΔΙΝΟΝ, Φεβρουάριος. Ή άνακοίνωσις ότι αί Δυτικαί Δυνάμεις θά άποδεχθούν τήν πρότασιν διά σύγκλησιν Τετραμερούς Διασκέψεως ένίσχυσε τάς έλπίδας διά τήν άρσιν τού άδιεξόδου. Οί διπλωματικοί κύκλοι θεωρούν ότι ή Μόσχα θά άπαντήση έντός τών προσεχών ήμερών.

ΛΟΝΔΙΝΟΝ, Φεβρουάριος. Ή άνακοίνωσις ότι αί Δυτικαί Δυνάμεις θά άποδεχθούν τήν πρότασιν διά σύγκλησιν Τετραμερούς Διασκέψεως ένίσχυσε τάς έλπίδας διά τήν άρσιν τού άδιεξόδου. Οί διπλωματικοί κύκλοι θεωρούν ότι ή Μόσχα θά άπαντήση έντός τών προσεχών ήμερών.

ΛΟΝΔΙΝΟΝ, Φεβρουάριος. Ή άνακοίνωσις ότι αί Δυτικαί Δυνάμεις θά άποδεχθούν τήν πρότασιν διά σύγκλησιν Τετραμερούς Διασκέψεως ένίσχυσε τάς έλπίδας διά τήν άρσιν τού άδιεξόδου. Οί διπλωματικοί κύκλοι θεωρούν ότι ή Μόσχα θά άπαντήση έντός τών προσεχών ήμερών.

ΛΟΝΔΙΝΟΝ, Φεβρουάριος. Ή άνακοίνωσις ότι αί Δυτικαί Δυνάμεις θά άποδεχθούν τήν πρότασιν διά σύγκλησιν Τετραμερούς Διασκέψεως ένίσχυσε τάς έλπίδας διά τήν άρσιν τού άδιεξόδου. Οί διπλωματικοί κύκλοι θεωρούν ότι ή Μόσχα θά άπαντήση έντός τών προσεχών ήμερών.

ΛΟΝΔΙΝΟΝ, Φεβρουάριος. Ή άνακοίνωσις ότι αί Δυτικαί Δυνάμεις θά άποδεχθούν τήν πρότασιν διά σύγκλησιν Τετραμερούς Διασκέψεως ένίσχυσε τάς έλπίδας διά τήν άρσιν τού άδιεξόδου. Οί διπλωματικοί κύκλοι θεωρούν ότι ή Μόσχα θά άπαντήση έντός τών προσεχών ήμερών.

Είς τό δεύτερον έρώτημα οί Ρώσοι άπαντούν ότι ή συζήτησις πρέπει νά περιλάβη όλα τά έπίμαχα ζητήματα.

Είς τό δεύτερον έρώτημα οί Ρώσοι άπαντούν ότι ή συζήτησις πρέπει νά περιλάβη όλα τά έπίμαχα ζητήματα.

ΤΖΩΝ ΜΠΕΝΝΕΣΣΕΝ
Οικονομική ζωή
ΤΟ ΧΡΗΜΑΤΙΣΤΗΡΙΟΝ
Κλείσιμον τής χθές

Μικρά ζωηρότης έσημειώθη χθές είς τήν άγοράν. Ή λίρα Αγγλίας έκλεισεν είς τά 196.000 δραχμάς, ή δέ χρυσή λίρα είς τά 203.500.

Μικρά ζωηρότης έσημειώθη χθές είς τήν άγοράν. Ή λίρα Αγγλίας έκλεισεν είς τά 196.000 δραχμάς, ή δέ χρυσή λίρα είς τά 203.500.

ΔΑΝΕΙΑ	Διαφορά	ΒΙΟΜ. ΑΞΙΑΙ	Διαφορά
1881 29.000		Αμιάντ. 620.000	
1884 31.000		Αλυκαί 150.000	+5.000
1890 13.000 +1.500		Αμπελ. 10.000	
1893 14.000		Ανταλ. 26.500	
1902 31.000		Βεν. 95.000	+5.000
1910 33.500		Βαμ. 93.000	
1914 14.500		Γεν. 19.000	
Αναγ. 1,5 Αττ.		Ελλ. 20.000	
Μικ.ΑΡ 7.000		Ελ. 12.500	+1.000
Συναλλαγή δέλτα χρεογράφων 1.371.445 δρ. (45.294 δρ.)

Ή όλική άξία τών συναλλαγών άνήλθεν είς 1.371.445 δρ. Αί άξίαι σημείωσαν μικράς διακυμάνσεις.

Ή όλική άξία τών συναλλαγών άνήλθεν είς 1.371.445 δρ. Αί άξίαι σημείωσαν μικράς διακυμάνσεις.
